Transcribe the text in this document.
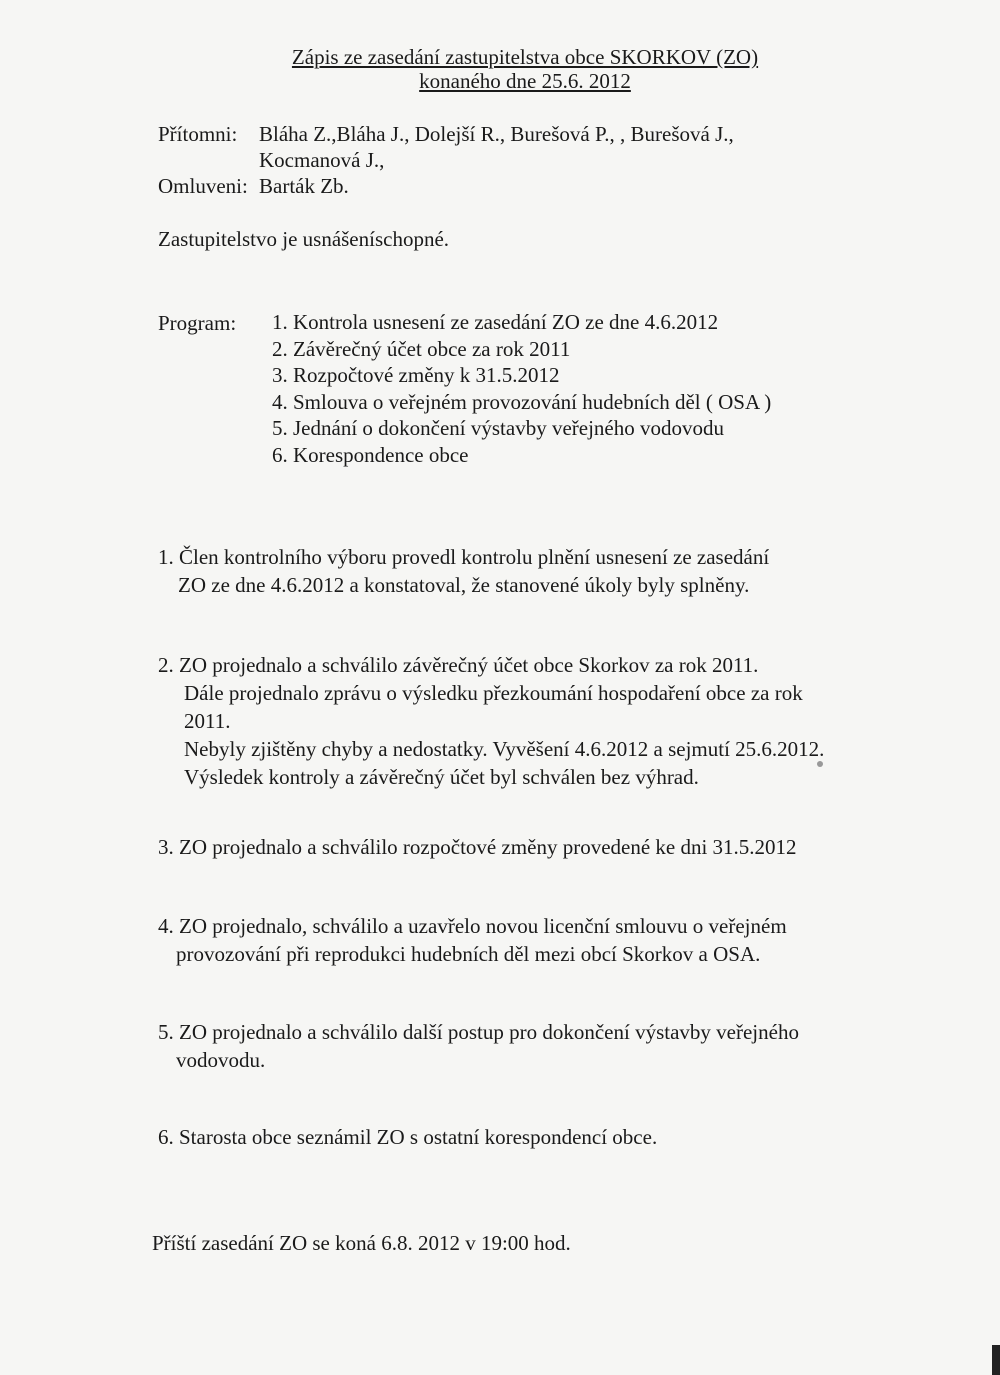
Zápis ze zasedání zastupitelstva obce SKORKOV (ZO)
konaného dne 25.6. 2012
Přítomni: Bláha Z.,Bláha J., Dolejší R., Burešová P., , Burešová J.,
Kocmanová J.,
Omluveni: Barták Zb.
Zastupitelstvo je usnášeníschopné.
Program: 1. Kontrola usnesení ze zasedání ZO ze dne 4.6.2012
2. Závěrečný účet obce za rok 2011
3. Rozpočtové změny k 31.5.2012
4. Smlouva o veřejném provozování hudebních děl ( OSA )
5. Jednání o dokončení výstavby veřejného vodovodu
6. Korespondence obce
1. Člen kontrolního výboru provedl kontrolu plnění usnesení ze zasedání
ZO ze dne 4.6.2012 a konstatoval, že stanovené úkoly byly splněny.
2. ZO projednalo a schválilo závěrečný účet obce Skorkov za rok 2011.
Dále projednalo zprávu o výsledku přezkoumání hospodaření obce za rok
2011.
Nebyly zjištěny chyby a nedostatky. Vyvěšení 4.6.2012 a sejmutí 25.6.2012.
Výsledek kontroly a závěrečný účet byl schválen bez výhrad.
3. ZO projednalo a schválilo rozpočtové změny provedené ke dni 31.5.2012
4. ZO projednalo, schválilo a uzavřelo novou licenční smlouvu o veřejném
provozování při reprodukci hudebních děl mezi obcí Skorkov a OSA.
5. ZO projednalo a schválilo další postup pro dokončení výstavby veřejného
vodovodu.
6. Starosta obce seznámil ZO s ostatní korespondencí obce.
Příští zasedání ZO se koná 6.8. 2012 v 19:00 hod.
